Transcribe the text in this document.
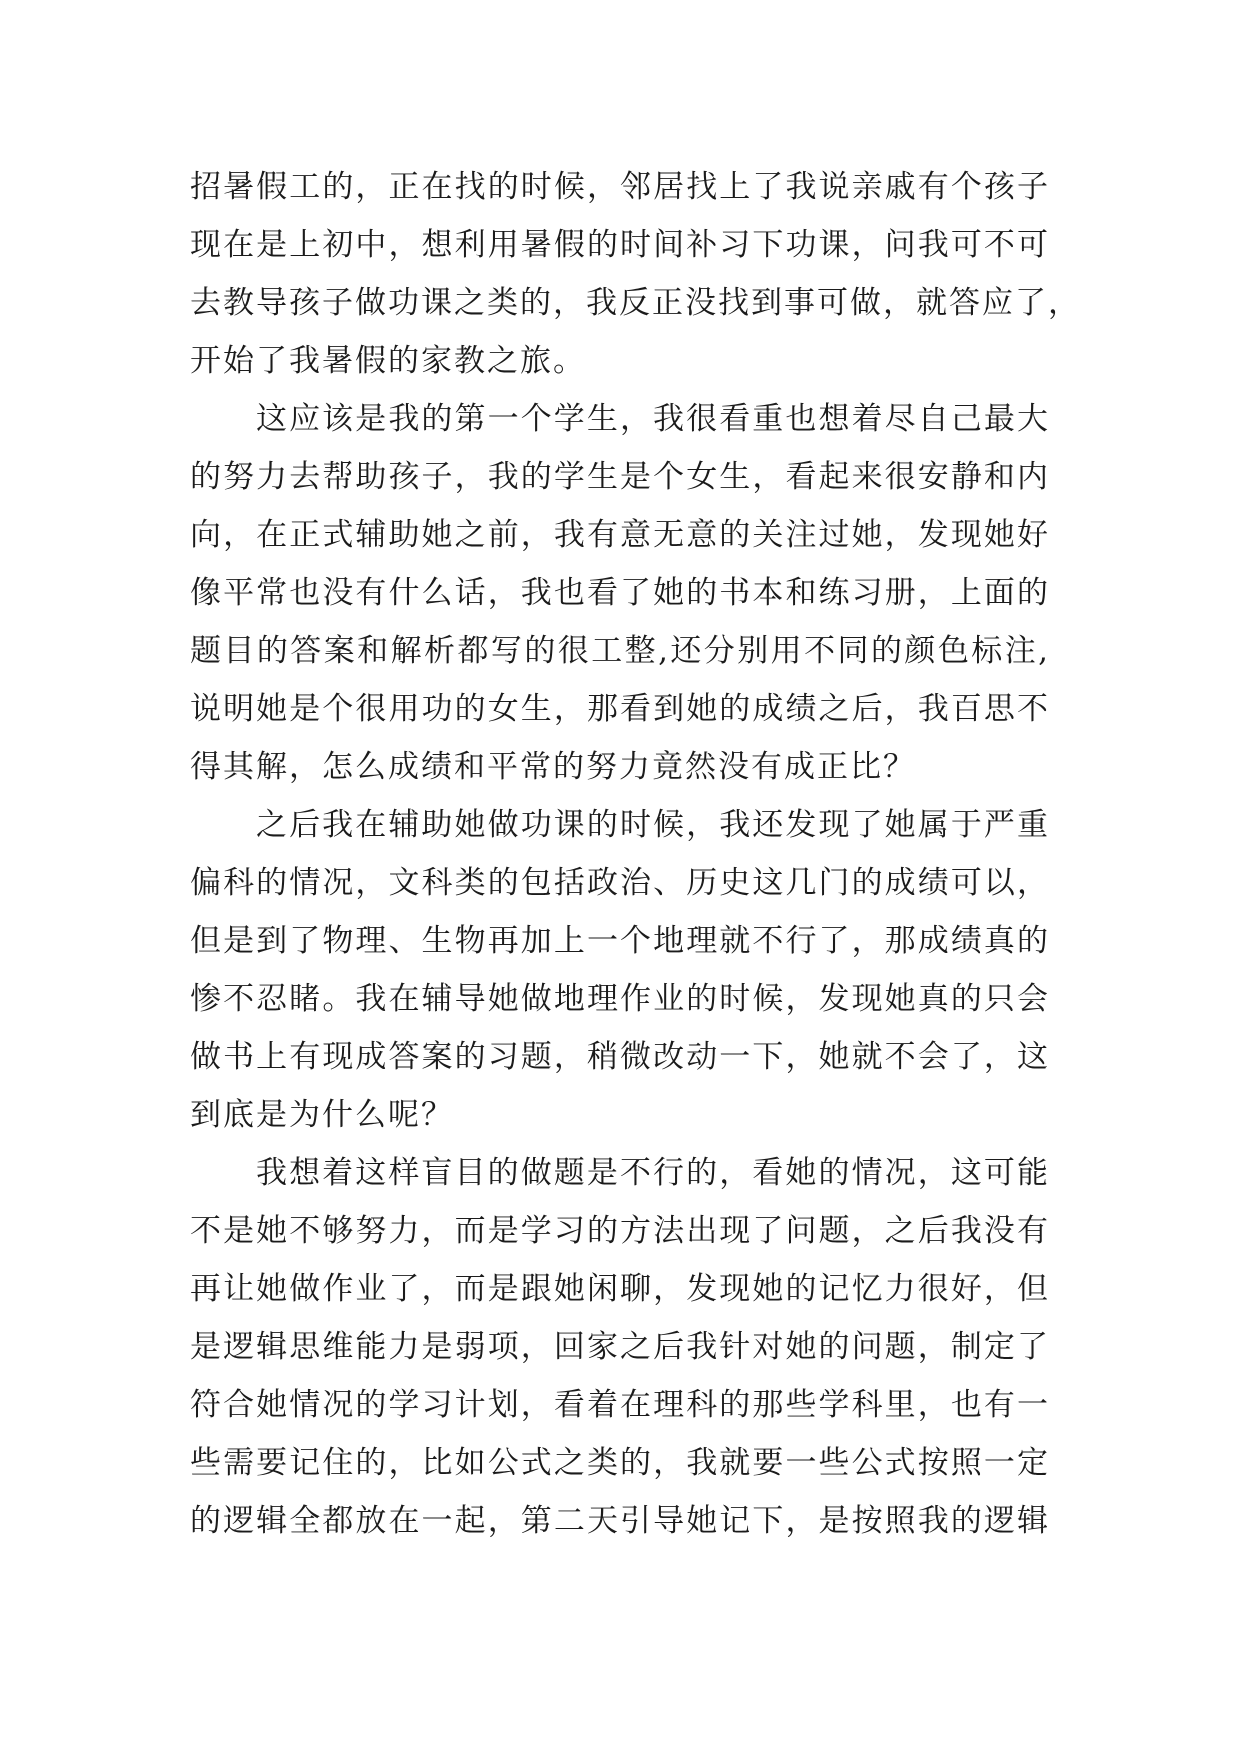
招暑假工的，正在找的时候，邻居找上了我说亲戚有个孩子
现在是上初中，想利用暑假的时间补习下功课，问我可不可
去教导孩子做功课之类的，我反正没找到事可做，就答应了，
开始了我暑假的家教之旅。
这应该是我的第一个学生，我很看重也想着尽自己最大
的努力去帮助孩子，我的学生是个女生，看起来很安静和内
向，在正式辅助她之前，我有意无意的关注过她，发现她好
像平常也没有什么话，我也看了她的书本和练习册，上面的
题目的答案和解析都写的很工整,还分别用不同的颜色标注,
说明她是个很用功的女生，那看到她的成绩之后，我百思不
得其解，怎么成绩和平常的努力竟然没有成正比？
之后我在辅助她做功课的时候，我还发现了她属于严重
偏科的情况，文科类的包括政治、历史这几门的成绩可以，
但是到了物理、生物再加上一个地理就不行了，那成绩真的
惨不忍睹。我在辅导她做地理作业的时候，发现她真的只会
做书上有现成答案的习题，稍微改动一下，她就不会了，这
到底是为什么呢？
我想着这样盲目的做题是不行的，看她的情况，这可能
不是她不够努力，而是学习的方法出现了问题，之后我没有
再让她做作业了，而是跟她闲聊，发现她的记忆力很好，但
是逻辑思维能力是弱项，回家之后我针对她的问题，制定了
符合她情况的学习计划，看着在理科的那些学科里，也有一
些需要记住的，比如公式之类的，我就要一些公式按照一定
的逻辑全都放在一起，第二天引导她记下，是按照我的逻辑
